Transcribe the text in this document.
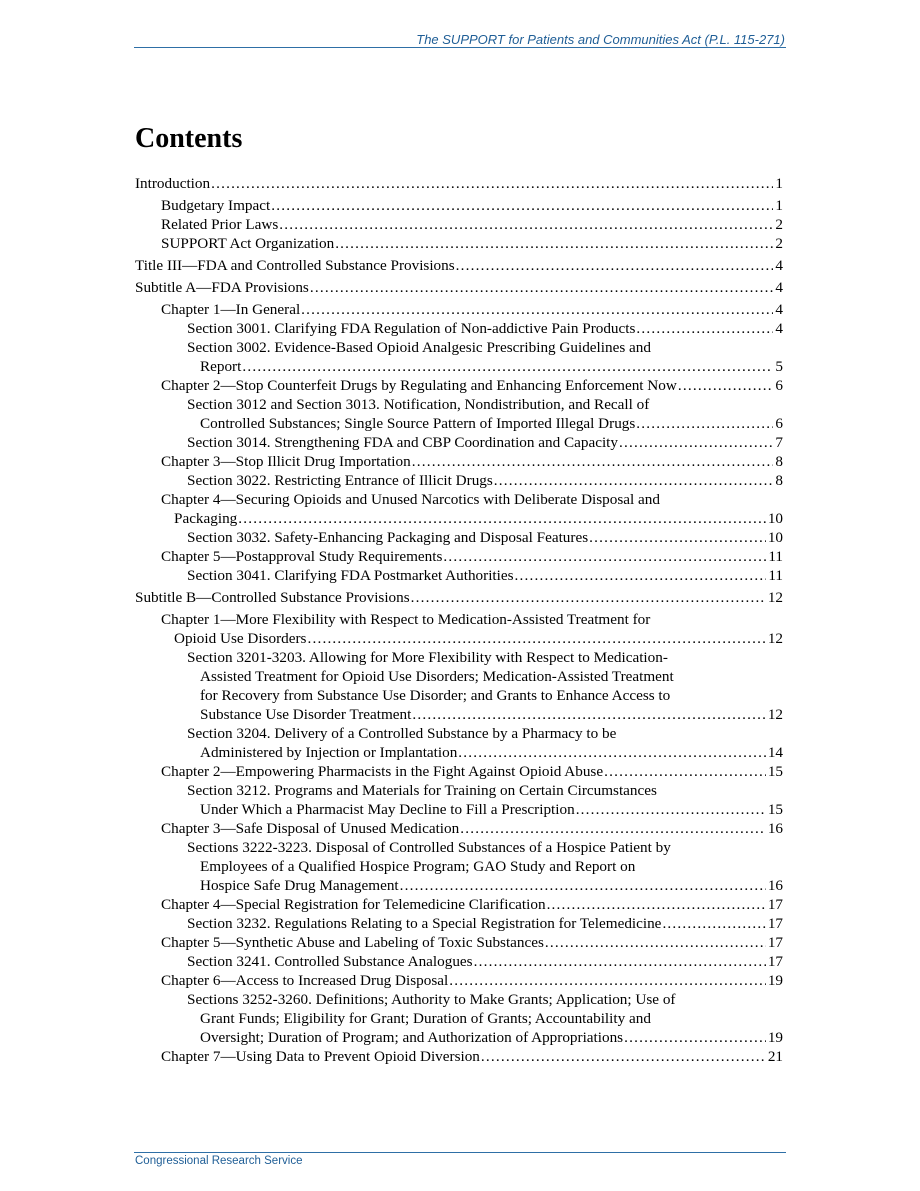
The SUPPORT for Patients and Communities Act (P.L. 115-271)
Contents
Introduction .....	1
Budgetary Impact .....	1
Related Prior Laws .....	2
SUPPORT Act Organization .....	2
Title III—FDA and Controlled Substance Provisions .....	4
Subtitle A—FDA Provisions .....	4
Chapter 1—In General .....	4
Section 3001. Clarifying FDA Regulation of Non-addictive Pain Products .....	4
Section 3002. Evidence-Based Opioid Analgesic Prescribing Guidelines and
Report .....	5
Chapter 2—Stop Counterfeit Drugs by Regulating and Enhancing Enforcement Now .....	6
Section 3012 and Section 3013. Notification, Nondistribution, and Recall of
Controlled Substances; Single Source Pattern of Imported Illegal Drugs .....	6
Section 3014. Strengthening FDA and CBP Coordination and Capacity .....	7
Chapter 3—Stop Illicit Drug Importation .....	8
Section 3022. Restricting Entrance of Illicit Drugs .....	8
Chapter 4—Securing Opioids and Unused Narcotics with Deliberate Disposal and
Packaging .....	10
Section 3032. Safety-Enhancing Packaging and Disposal Features .....	10
Chapter 5—Postapproval Study Requirements .....	11
Section 3041. Clarifying FDA Postmarket Authorities .....	11
Subtitle B—Controlled Substance Provisions .....	12
Chapter 1—More Flexibility with Respect to Medication-Assisted Treatment for
Opioid Use Disorders .....	12
Section 3201-3203. Allowing for More Flexibility with Respect to Medication-
Assisted Treatment for Opioid Use Disorders; Medication-Assisted Treatment
for Recovery from Substance Use Disorder; and Grants to Enhance Access to
Substance Use Disorder Treatment .....	12
Section 3204. Delivery of a Controlled Substance by a Pharmacy to be
Administered by Injection or Implantation .....	14
Chapter 2—Empowering Pharmacists in the Fight Against Opioid Abuse .....	15
Section 3212. Programs and Materials for Training on Certain Circumstances
Under Which a Pharmacist May Decline to Fill a Prescription .....	15
Chapter 3—Safe Disposal of Unused Medication .....	16
Sections 3222-3223. Disposal of Controlled Substances of a Hospice Patient by
Employees of a Qualified Hospice Program; GAO Study and Report on
Hospice Safe Drug Management .....	16
Chapter 4—Special Registration for Telemedicine Clarification .....	17
Section 3232. Regulations Relating to a Special Registration for Telemedicine .....	17
Chapter 5—Synthetic Abuse and Labeling of Toxic Substances .....	17
Section 3241. Controlled Substance Analogues .....	17
Chapter 6—Access to Increased Drug Disposal .....	19
Sections 3252-3260. Definitions; Authority to Make Grants; Application; Use of
Grant Funds; Eligibility for Grant; Duration of Grants; Accountability and
Oversight; Duration of Program; and Authorization of Appropriations .....	19
Chapter 7—Using Data to Prevent Opioid Diversion .....	21
Congressional Research Service
